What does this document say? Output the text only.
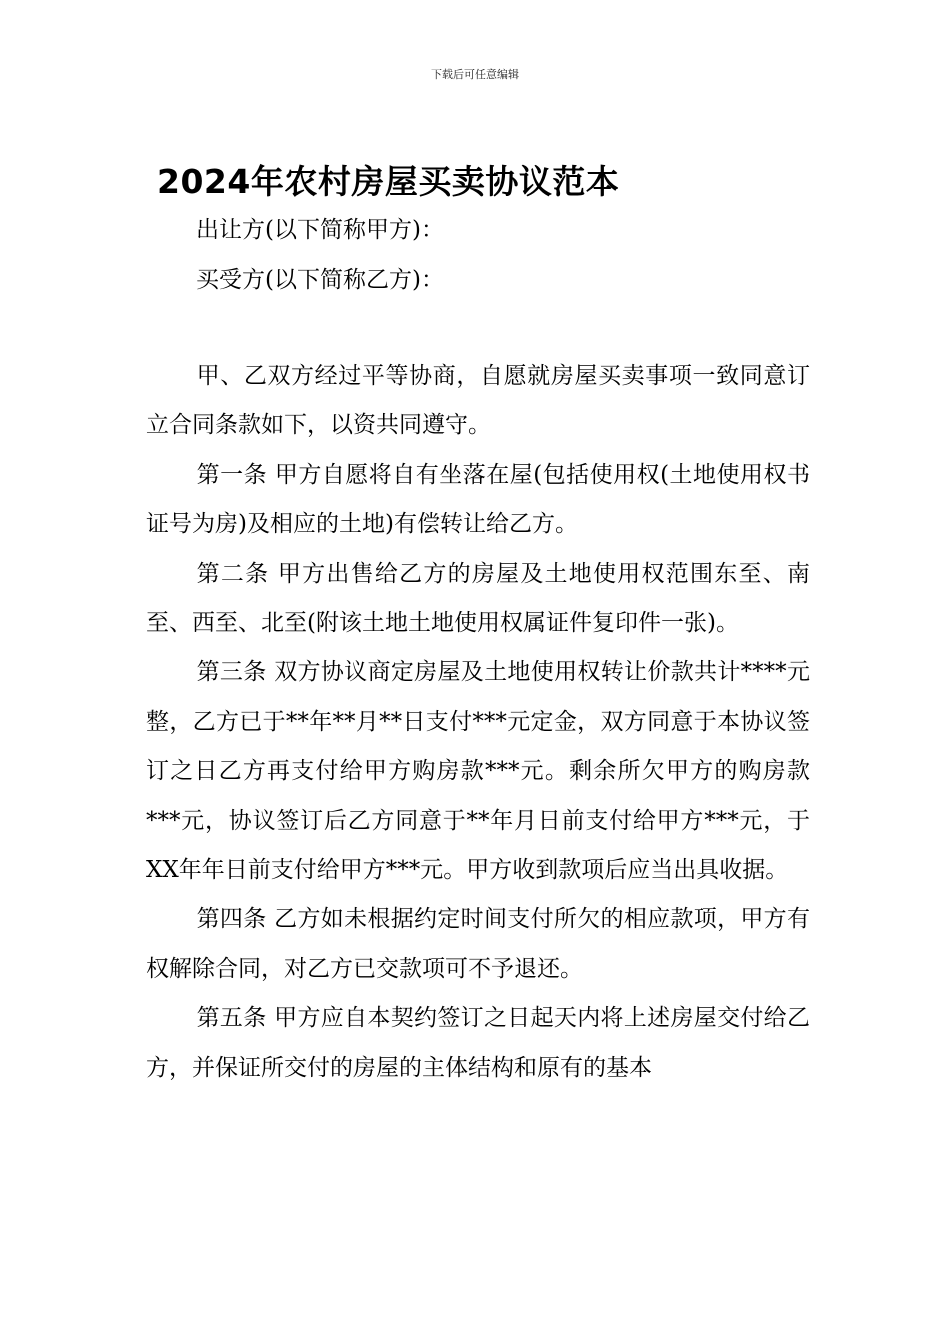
下载后可任意编辑
2024年农村房屋买卖协议范本
出让方(以下简称甲方)：
买受方(以下简称乙方)：

甲、乙双方经过平等协商，自愿就房屋买卖事项一致同意订立合同条款如下，以资共同遵守。

第一条 甲方自愿将自有坐落在屋(包括使用权(土地使用权书证号为房)及相应的土地)有偿转让给乙方。

第二条 甲方出售给乙方的房屋及土地使用权范围东至、南至、西至、北至(附该土地土地使用权属证件复印件一张)。

第三条 双方协议商定房屋及土地使用权转让价款共计****元整，乙方已于**年**月**日支付***元定金，双方同意于本协议签订之日乙方再支付给甲方购房款***元。剩余所欠甲方的购房款***元，协议签订后乙方同意于**年月日前支付给甲方***元，于XX年年日前支付给甲方***元。甲方收到款项后应当出具收据。

第四条 乙方如未根据约定时间支付所欠的相应款项，甲方有权解除合同，对乙方已交款项可不予退还。

第五条 甲方应自本契约签订之日起天内将上述房屋交付给乙方，并保证所交付的房屋的主体结构和原有的基本
